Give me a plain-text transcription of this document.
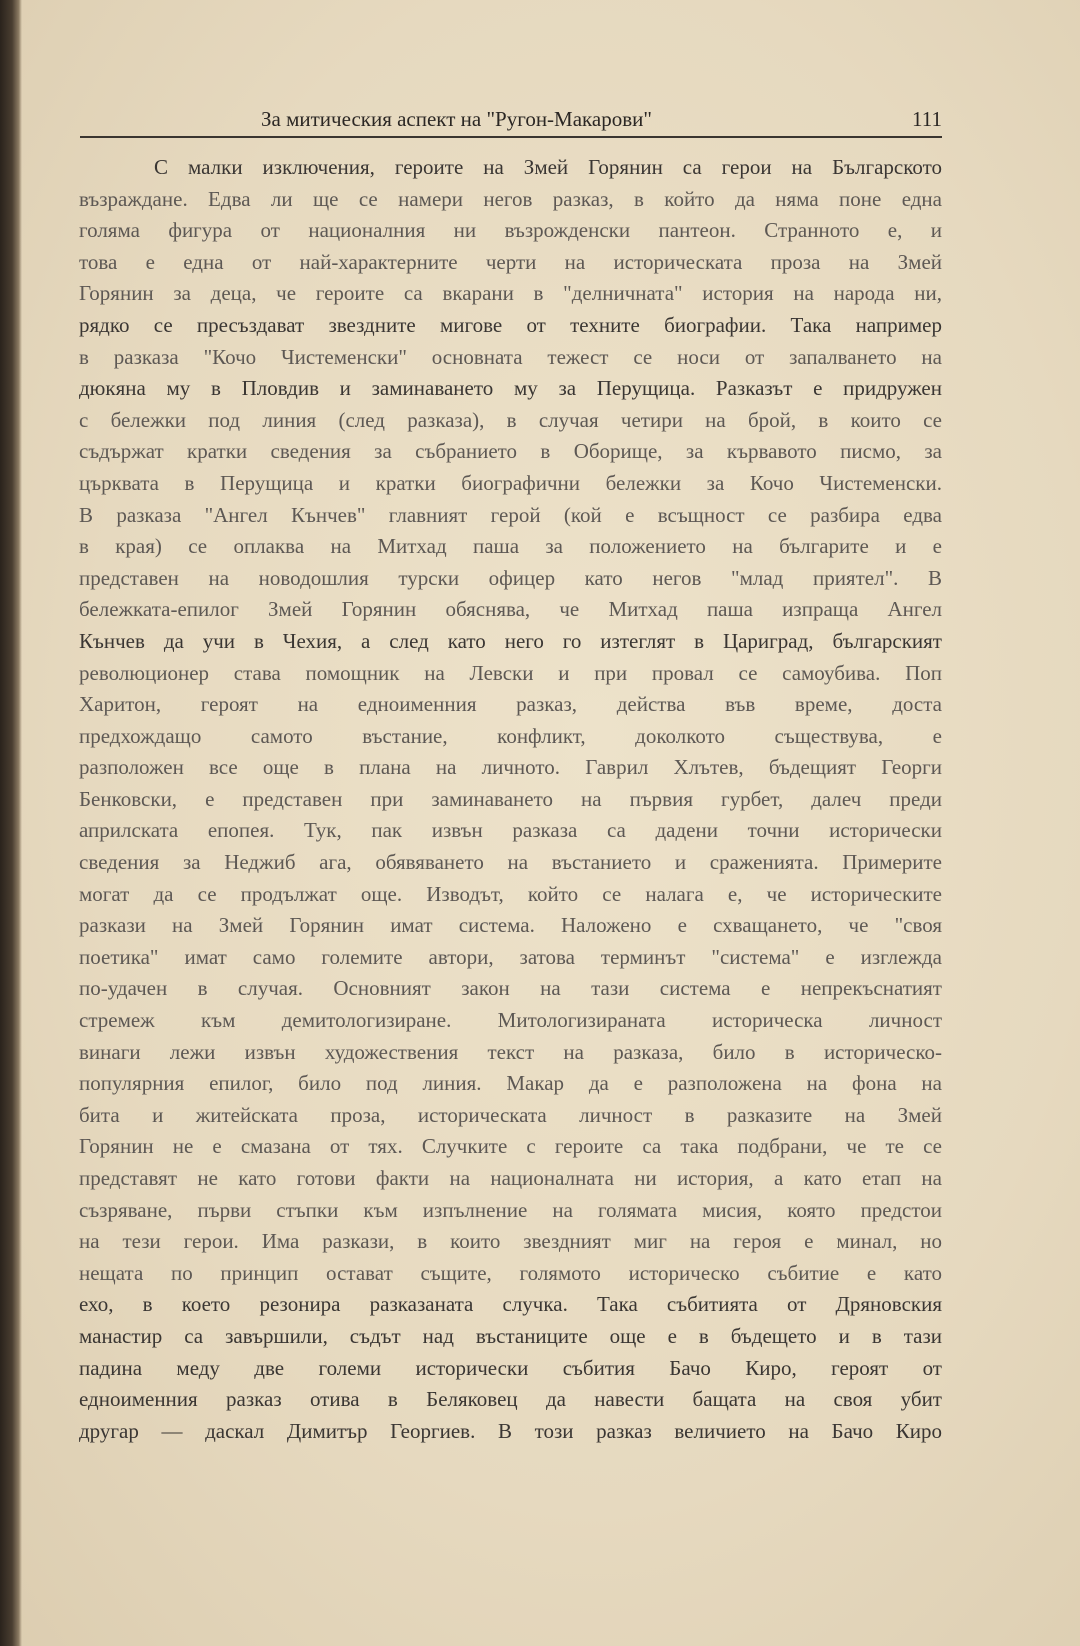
За митическия аспект на "Ругон-Макарови"	111
С малки изключения, героите на Змей Горянин са герои на Българското
възраждане. Едва ли ще се намери негов разказ, в който да няма поне една
голяма фигура от националния ни възрожденски пантеон. Странното е, и
това е една от най-характерните черти на историческата проза на Змей
Горянин за деца, че героите са вкарани в "делничната" история на народа ни,
рядко се пресъздават звездните мигове от техните биографии. Така например
в разказа "Кочо Чистеменски" основната тежест се носи от запалването на
дюкяна му в Пловдив и заминаването му за Перущица. Разказът е придружен
с бележки под линия (след разказа), в случая четири на брой, в които се
съдържат кратки сведения за събранието в Оборище, за кървавото писмо, за
църквата в Перущица и кратки биографични бележки за Кочо Чистеменски.
В разказа "Ангел Кънчев" главният герой (кой е всъщност се разбира едва
в края) се оплаква на Митхад паша за положението на българите и е
представен на новодошлия турски офицер като негов "млад приятел". В
бележката-епилог Змей Горянин обяснява, че Митхад паша изпраща Ангел
Кънчев да учи в Чехия, а след като него го изтеглят в Цариград, българският
революционер става помощник на Левски и при провал се самоубива. Поп
Харитон, героят на едноименния разказ, действа във време, доста
предхождащо самото въстание, конфликт, доколкото съществува, е
разположен все още в плана на личното. Гаврил Хлътев, бъдещият Георги
Бенковски, е представен при заминаването на първия гурбет, далеч преди
априлската епопея. Тук, пак извън разказа са дадени точни исторически
сведения за Неджиб ага, обявяването на въстанието и сраженията. Примерите
могат да се продължат още. Изводът, който се налага е, че историческите
разкази на Змей Горянин имат система. Наложено е схващането, че "своя
поетика" имат само големите автори, затова терминът "система" е изглежда
по-удачен в случая. Основният закон на тази система е непрекъснатият
стремеж към демитологизиране. Митологизираната историческа личност
винаги лежи извън художествения текст на разказа, било в историческо-
популярния епилог, било под линия. Макар да е разположена на фона на
бита и житейската проза, историческата личност в разказите на Змей
Горянин не е смазана от тях. Случките с героите са така подбрани, че те се
представят не като готови факти на националната ни история, а като етап на
съзряване, първи стъпки към изпълнение на голямата мисия, която предстои
на тези герои. Има разкази, в които звездният миг на героя е минал, но
нещата по принцип остават същите, голямото историческо събитие е като
ехо, в което резонира разказаната случка. Така събитията от Дряновския
манастир са завършили, съдът над въстаниците още е в бъдещето и в тази
падина меду две големи исторически събития Бачо Киро, героят от
едноименния разказ отива в Беляковец да навести бащата на своя убит
другар — даскал Димитър Георгиев. В този разказ величието на Бачо Киро
